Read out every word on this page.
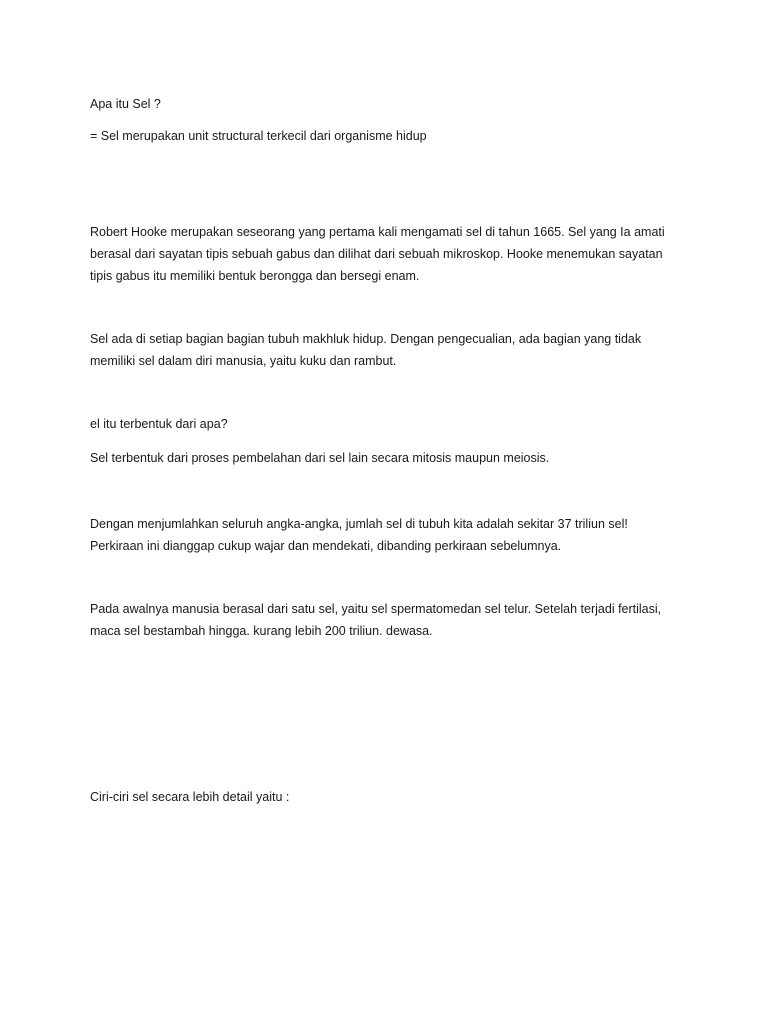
Apa itu Sel ?

= Sel merupakan unit structural terkecil dari organisme hidup

Robert Hooke merupakan seseorang yang pertama kali mengamati sel di tahun 1665. Sel yang Ia amati
berasal dari sayatan tipis sebuah gabus dan dilihat dari sebuah mikroskop. Hooke menemukan sayatan
tipis gabus itu memiliki bentuk berongga dan bersegi enam.

Sel ada di setiap bagian bagian tubuh makhluk hidup. Dengan pengecualian, ada bagian yang tidak
memiliki sel dalam diri manusia, yaitu kuku dan rambut.

el itu terbentuk dari apa?

Sel terbentuk dari proses pembelahan dari sel lain secara mitosis maupun meiosis.

Dengan menjumlahkan seluruh angka-angka, jumlah sel di tubuh kita adalah sekitar 37 triliun sel!
Perkiraan ini dianggap cukup wajar dan mendekati, dibanding perkiraan sebelumnya.

Pada awalnya manusia berasal dari satu sel, yaitu sel spermatomedan sel telur. Setelah terjadi fertilasi,
maca sel bestambah hingga. kurang lebih 200 triliun. dewasa.

Ciri-ciri sel secara lebih detail yaitu :
